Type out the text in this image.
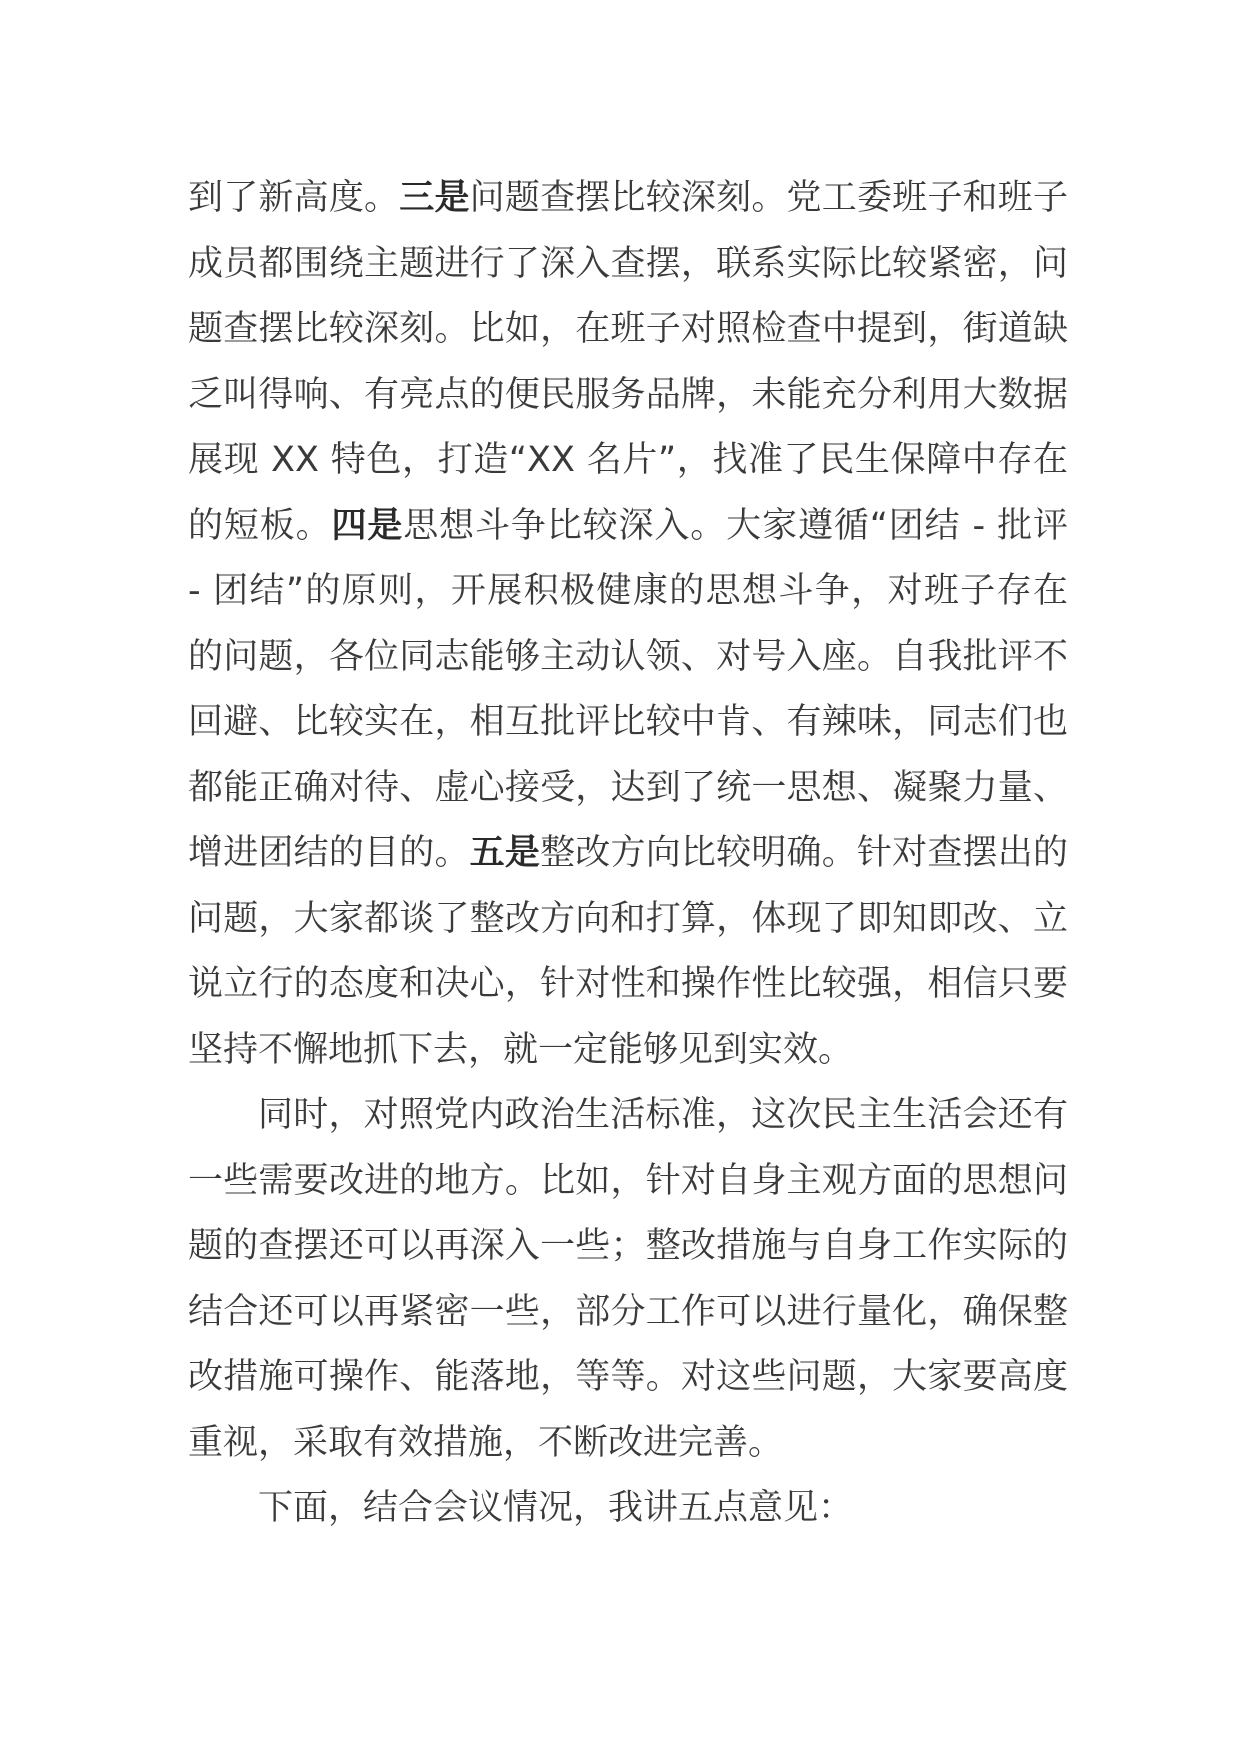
到了新高度。三是问题查摆比较深刻。党工委班子和班子成员都围绕主题进行了深入查摆，联系实际比较紧密，问题查摆比较深刻。比如，在班子对照检查中提到，街道缺乏叫得响、有亮点的便民服务品牌，未能充分利用大数据展现 XX 特色，打造“XX 名片”，找准了民生保障中存在的短板。四是思想斗争比较深入。大家遵循“团结 - 批评 - 团结”的原则，开展积极健康的思想斗争，对班子存在的问题，各位同志能够主动认领、对号入座。自我批评不回避、比较实在，相互批评比较中肯、有辣味，同志们也都能正确对待、虚心接受，达到了统一思想、凝聚力量、增进团结的目的。五是整改方向比较明确。针对查摆出的问题，大家都谈了整改方向和打算，体现了即知即改、立说立行的态度和决心，针对性和操作性比较强，相信只要坚持不懈地抓下去，就一定能够见到实效。

同时，对照党内政治生活标准，这次民主生活会还有一些需要改进的地方。比如，针对自身主观方面的思想问题的查摆还可以再深入一些；整改措施与自身工作实际的结合还可以再紧密一些，部分工作可以进行量化，确保整改措施可操作、能落地，等等。对这些问题，大家要高度重视，采取有效措施，不断改进完善。

下面，结合会议情况，我讲五点意见：
